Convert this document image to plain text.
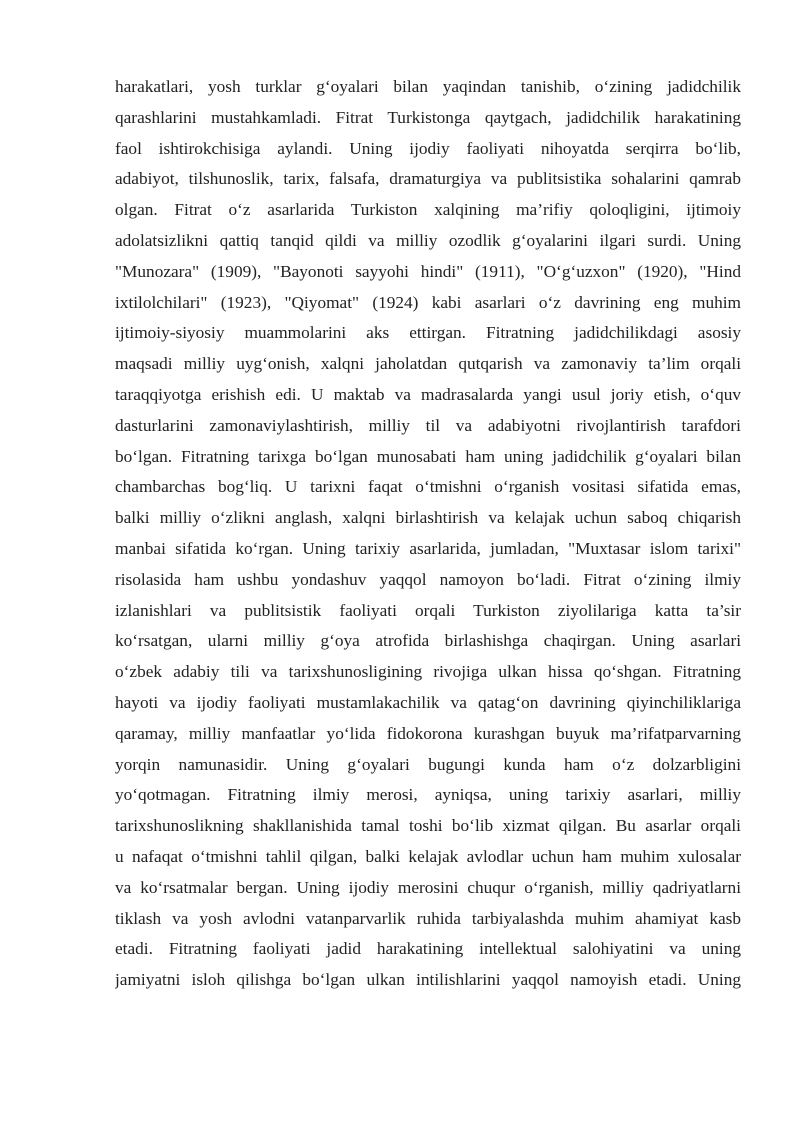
harakatlari, yosh turklar g‘oyalari bilan yaqindan tanishib, o‘zining jadidchilik
qarashlarini mustahkamladi. Fitrat Turkistonga qaytgach, jadidchilik harakatining
faol ishtirokchisiga aylandi. Uning ijodiy faoliyati nihoyatda serqirra bo‘lib,
adabiyot, tilshunoslik, tarix, falsafa, dramaturgiya va publitsistika sohalarini qamrab
olgan. Fitrat o‘z asarlarida Turkiston xalqining ma’rifiy qoloqligini, ijtimoiy
adolatsizlikni qattiq tanqid qildi va milliy ozodlik g‘oyalarini ilgari surdi. Uning
"Munozara" (1909), "Bayonoti sayyohi hindi" (1911), "O‘g‘uzxon" (1920), "Hind
ixtilolchilari" (1923), "Qiyomat" (1924) kabi asarlari o‘z davrining eng muhim
ijtimoiy-siyosiy muammolarini aks ettirgan. Fitratning jadidchilikdagi asosiy
maqsadi milliy uyg‘onish, xalqni jaholatdan qutqarish va zamonaviy ta’lim orqali
taraqqiyotga erishish edi. U maktab va madrasalarda yangi usul joriy etish, o‘quv
dasturlarini zamonaviylashtirish, milliy til va adabiyotni rivojlantirish tarafdori
bo‘lgan. Fitratning tarixga bo‘lgan munosabati ham uning jadidchilik g‘oyalari bilan
chambarchas bog‘liq. U tarixni faqat o‘tmishni o‘rganish vositasi sifatida emas,
balki milliy o‘zlikni anglash, xalqni birlashtirish va kelajak uchun saboq chiqarish
manbai sifatida ko‘rgan. Uning tarixiy asarlarida, jumladan, "Muxtasar islom tarixi"
risolasida ham ushbu yondashuv yaqqol namoyon bo‘ladi. Fitrat o‘zining ilmiy
izlanishlari va publitsistik faoliyati orqali Turkiston ziyolilariga katta ta’sir
ko‘rsatgan, ularni milliy g‘oya atrofida birlashishga chaqirgan. Uning asarlari
o‘zbek adabiy tili va tarixshunosligining rivojiga ulkan hissa qo‘shgan. Fitratning
hayoti va ijodiy faoliyati mustamlakachilik va qatag‘on davrining qiyinchiliklariga
qaramay, milliy manfaatlar yo‘lida fidokorona kurashgan buyuk ma’rifatparvarning
yorqin namunasidir. Uning g‘oyalari bugungi kunda ham o‘z dolzarbligini
yo‘qotmagan. Fitratning ilmiy merosi, ayniqsa, uning tarixiy asarlari, milliy
tarixshunoslikning shakllanishida tamal toshi bo‘lib xizmat qilgan. Bu asarlar orqali
u nafaqat o‘tmishni tahlil qilgan, balki kelajak avlodlar uchun ham muhim xulosalar
va ko‘rsatmalar bergan. Uning ijodiy merosini chuqur o‘rganish, milliy qadriyatlarni
tiklash va yosh avlodni vatanparvarlik ruhida tarbiyalashda muhim ahamiyat kasb
etadi. Fitratning faoliyati jadid harakatining intellektual salohiyatini va uning
jamiyatni isloh qilishga bo‘lgan ulkan intilishlarini yaqqol namoyish etadi. Uning
